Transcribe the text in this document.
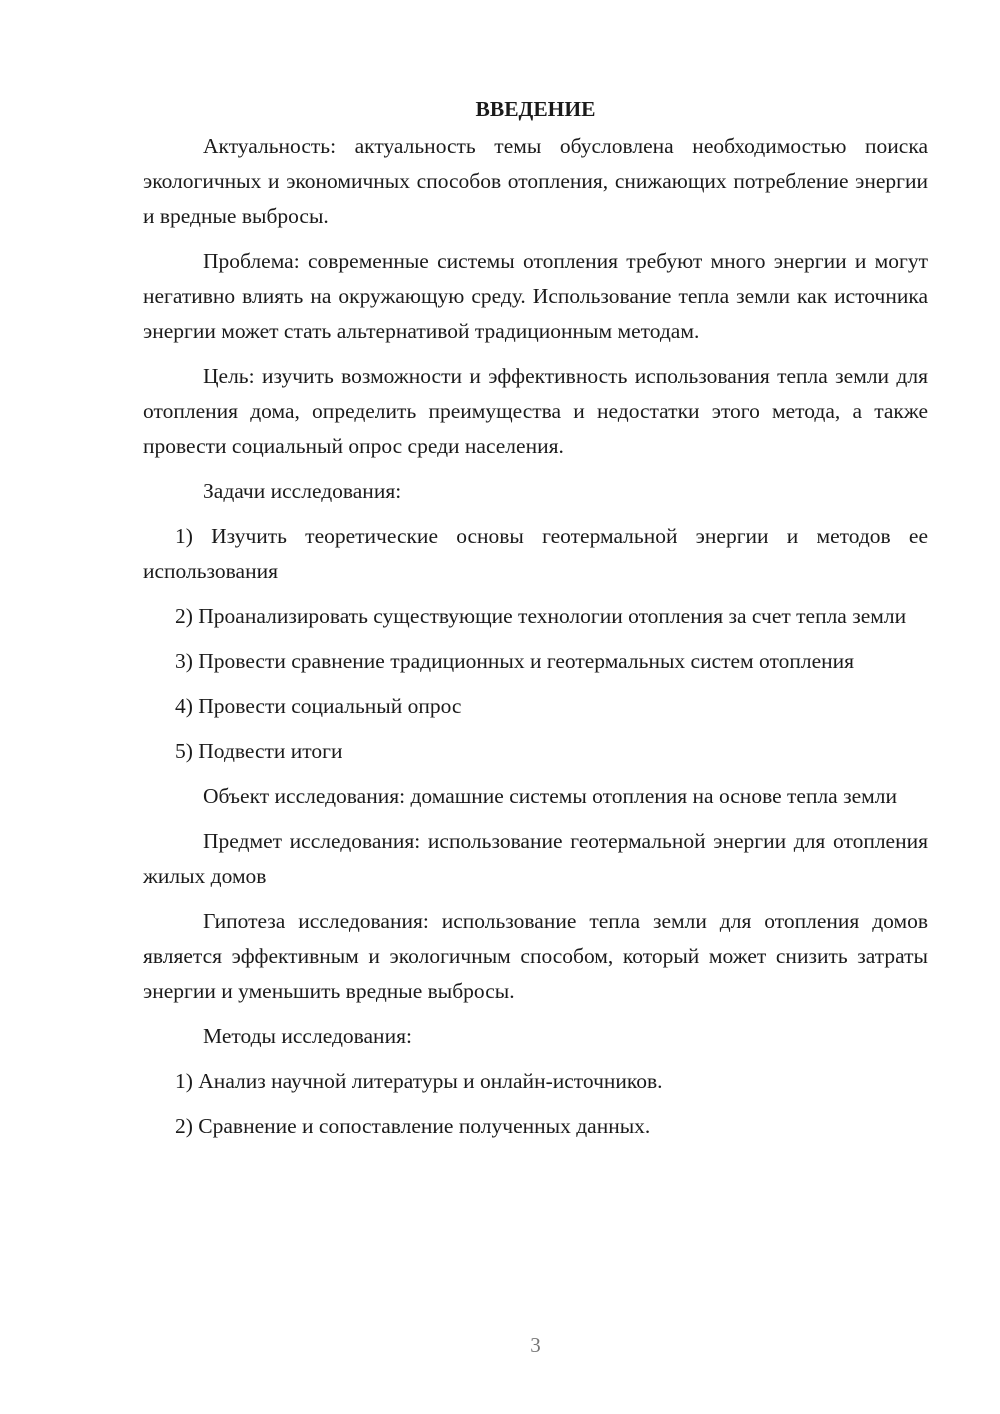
ВВЕДЕНИЕ

Актуальность: актуальность темы обусловлена необходимостью поиска экологичных и экономичных способов отопления, снижающих потребление энергии и вредные выбросы.

Проблема: современные системы отопления требуют много энергии и могут негативно влиять на окружающую среду. Использование тепла земли как источника энергии может стать альтернативой традиционным методам.

Цель: изучить возможности и эффективность использования тепла земли для отопления дома, определить преимущества и недостатки этого метода, а также провести социальный опрос среди населения.

Задачи исследования:

1) Изучить теоретические основы геотермальной энергии и методов ее использования

2) Проанализировать существующие технологии отопления за счет тепла земли

3) Провести сравнение традиционных и геотермальных систем отопления

4) Провести социальный опрос

5) Подвести итоги

Объект исследования: домашние системы отопления на основе тепла земли

Предмет исследования: использование геотермальной энергии для отопления жилых домов

Гипотеза исследования: использование тепла земли для отопления домов является эффективным и экологичным способом, который может снизить затраты энергии и уменьшить вредные выбросы.

Методы исследования:

1) Анализ научной литературы и онлайн-источников.

2) Сравнение и сопоставление полученных данных.

3
